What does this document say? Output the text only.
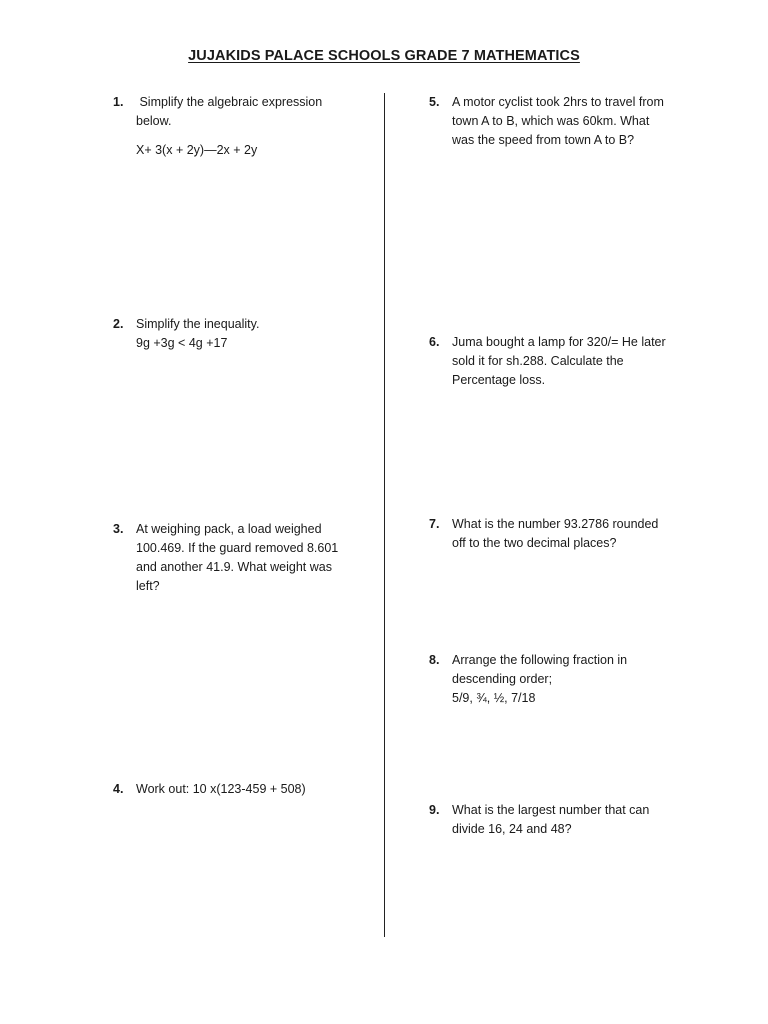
JUJAKIDS PALACE SCHOOLS GRADE 7 MATHEMATICS
1. Simplify the algebraic expression
below.
X+ 3(x + 2y)—2x + 2y
2. Simplify the inequality.
9g +3g < 4g +17
3. At weighing pack, a load weighed
100.469. If the guard removed 8.601
and another 41.9. What weight was
left?
4. Work out: 10 x(123-459 + 508)
5. A motor cyclist took 2hrs to travel from
town A to B, which was 60km. What
was the speed from town A to B?
6. Juma bought a lamp for 320/= He later
sold it for sh.288. Calculate the
Percentage loss.
7. What is the number 93.2786 rounded
off to the two decimal places?
8. Arrange the following fraction in
descending order;
5/9, ¾, ½, 7/18
9. What is the largest number that can
divide 16, 24 and 48?
